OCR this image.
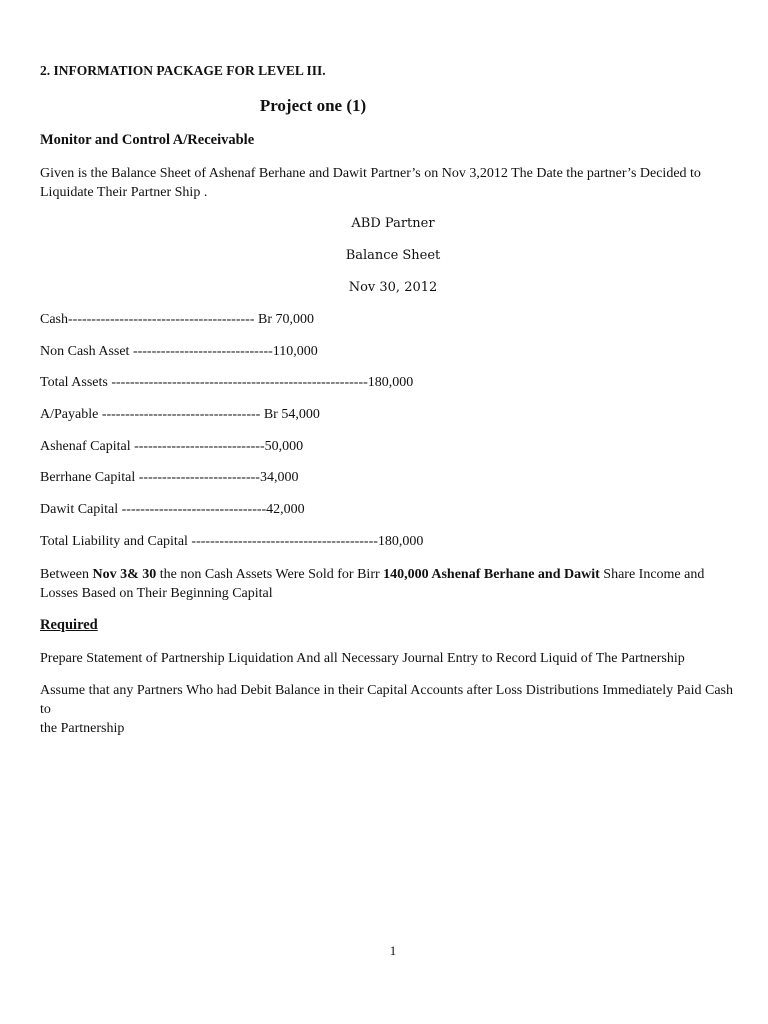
2. INFORMATION PACKAGE FOR LEVEL III.
Project one (1)
Monitor and Control A/Receivable
Given is the Balance Sheet of Ashenaf Berhane and Dawit Partner’s on Nov 3,2012 The Date the partner’s Decided to
Liquidate Their Partner Ship .
ABD Partner
Balance Sheet
Nov 30, 2012
Cash---------------------------------------- Br 70,000
Non Cash Asset ------------------------------110,000
Total Assets -------------------------------------------------------180,000
A/Payable ---------------------------------- Br 54,000
Ashenaf Capital ----------------------------50,000
Berrhane Capital --------------------------34,000
Dawit Capital -------------------------------42,000
Total Liability and Capital ----------------------------------------180,000
Between Nov 3& 30 the non Cash Assets Were Sold for Birr 140,000 Ashenaf Berhane and Dawit Share Income and
Losses Based on Their Beginning Capital
Required
Prepare Statement of Partnership Liquidation And all Necessary Journal Entry to Record Liquid of The Partnership
Assume that any Partners Who had Debit Balance in their Capital Accounts after Loss Distributions Immediately Paid Cash to
the Partnership
1
